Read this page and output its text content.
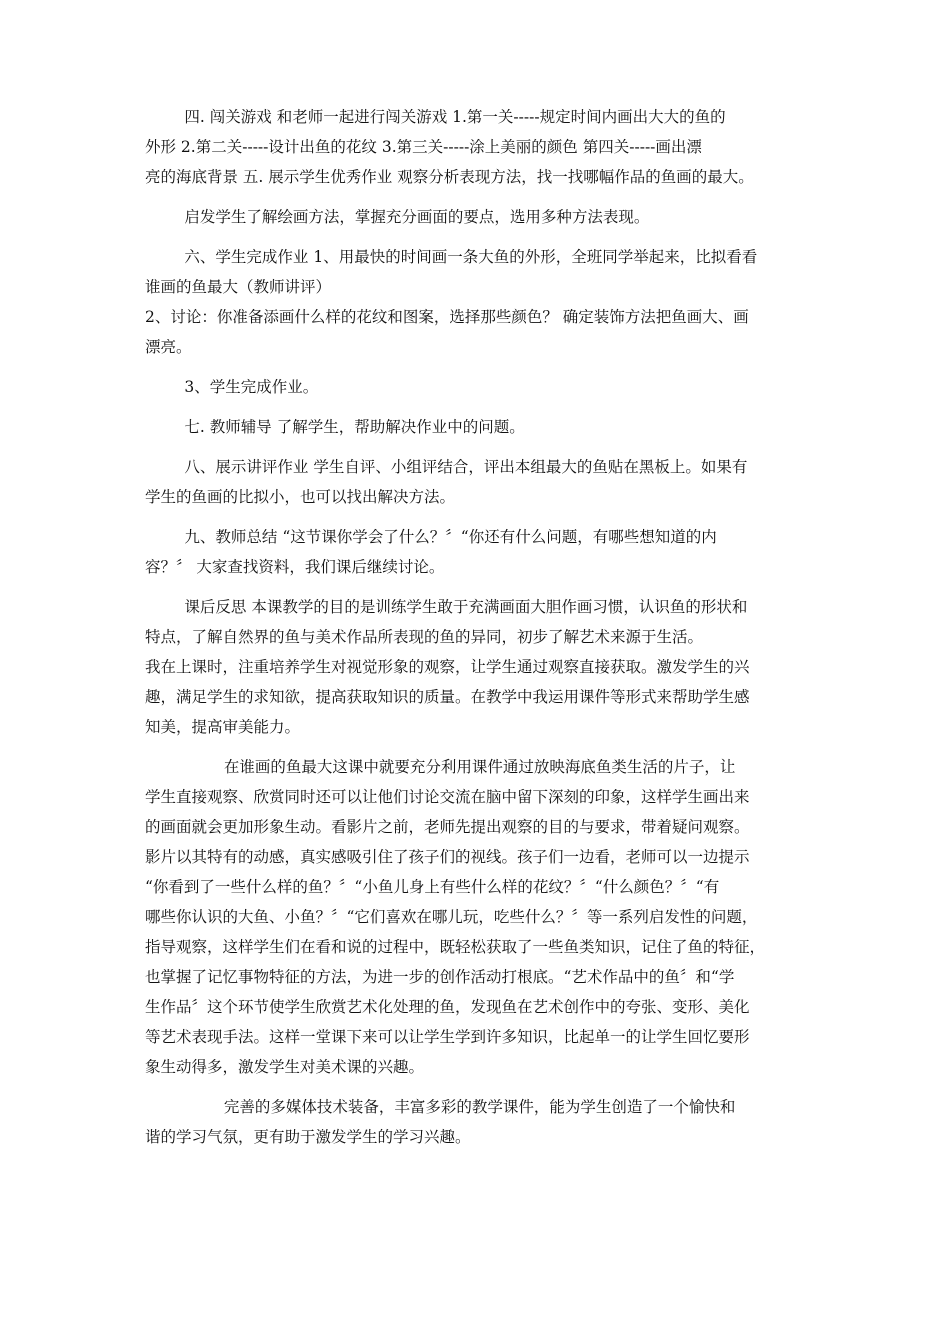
四. 闯关游戏 和老师一起进行闯关游戏 1.第一关-----规定时间内画出大大的鱼的
外形 2.第二关-----设计出鱼的花纹 3.第三关-----涂上美丽的颜色 第四关-----画出漂
亮的海底背景 五. 展示学生优秀作业 观察分析表现方法，找一找哪幅作品的鱼画的最大。
启发学生了解绘画方法，掌握充分画面的要点，选用多种方法表现。
六、学生完成作业 1、用最快的时间画一条大鱼的外形，全班同学举起来，比拟看看
谁画的鱼最大（教师讲评）
2、讨论：你准备添画什么样的花纹和图案，选择那些颜色？ 确定装饰方法把鱼画大、画
漂亮。
3、学生完成作业。
七. 教师辅导 了解学生，帮助解决作业中的问题。
八、展示讲评作业 学生自评、小组评结合，评出本组最大的鱼贴在黑板上。如果有
学生的鱼画的比拟小，也可以找出解决方法。
九、教师总结 “这节课你学会了什么？〞“你还有什么问题，有哪些想知道的内
容？〞 大家查找资料，我们课后继续讨论。
课后反思 本课教学的目的是训练学生敢于充满画面大胆作画习惯，认识鱼的形状和
特点，了解自然界的鱼与美术作品所表现的鱼的异同，初步了解艺术来源于生活。
我在上课时，注重培养学生对视觉形象的观察，让学生通过观察直接获取。激发学生的兴
趣，满足学生的求知欲，提高获取知识的质量。在教学中我运用课件等形式来帮助学生感
知美，提高审美能力。
在谁画的鱼最大这课中就要充分利用课件通过放映海底鱼类生活的片子，让
学生直接观察、欣赏同时还可以让他们讨论交流在脑中留下深刻的印象，这样学生画出来
的画面就会更加形象生动。看影片之前，老师先提出观察的目的与要求，带着疑问观察。
影片以其特有的动感，真实感吸引住了孩子们的视线。孩子们一边看，老师可以一边提示
“你看到了一些什么样的鱼？〞“小鱼儿身上有些什么样的花纹？〞“什么颜色？〞“有
哪些你认识的大鱼、小鱼？〞“它们喜欢在哪儿玩，吃些什么？〞等一系列启发性的问题，
指导观察，这样学生们在看和说的过程中，既轻松获取了一些鱼类知识，记住了鱼的特征，
也掌握了记忆事物特征的方法，为进一步的创作活动打根底。“艺术作品中的鱼〞和“学
生作品〞这个环节使学生欣赏艺术化处理的鱼，发现鱼在艺术创作中的夸张、变形、美化
等艺术表现手法。这样一堂课下来可以让学生学到许多知识，比起单一的让学生回忆要形
象生动得多，激发学生对美术课的兴趣。
完善的多媒体技术装备，丰富多彩的教学课件，能为学生创造了一个愉快和
谐的学习气氛，更有助于激发学生的学习兴趣。
